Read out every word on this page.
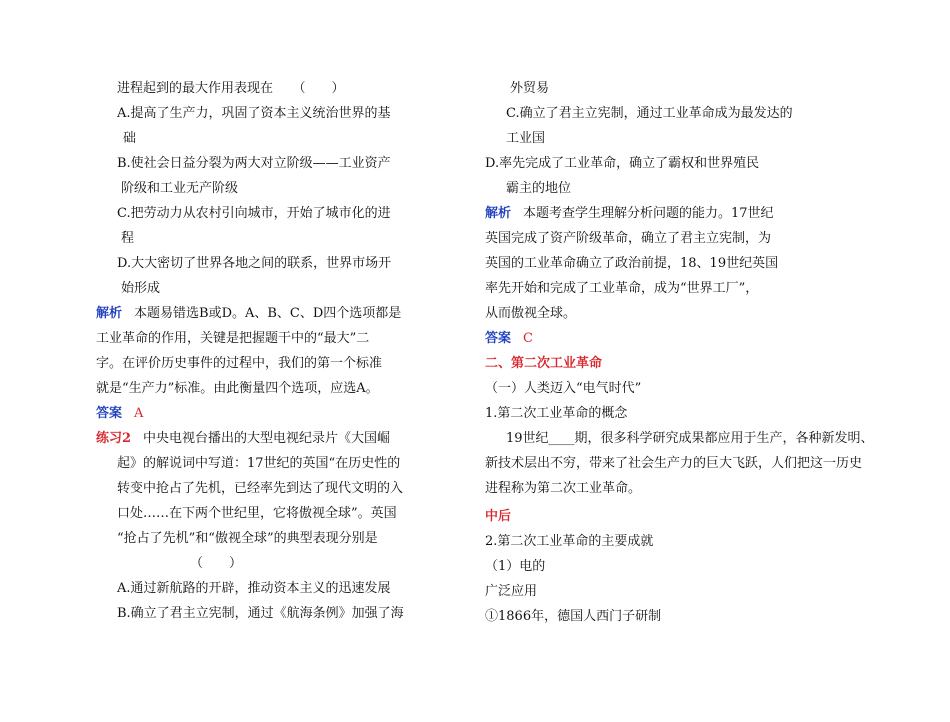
进程起到的最大作用表现在　　（　　）
A.提高了生产力，巩固了资本主义统治世界的基
础
B.使社会日益分裂为两大对立阶级——工业资产
阶级和工业无产阶级
C.把劳动力从农村引向城市，开始了城市化的进
程
D.大大密切了世界各地之间的联系，世界市场开
始形成
解析 本题易错选B或D。A、B、C、D四个选项都是
工业革命的作用，关键是把握题干中的“最大”二
字。在评价历史事件的过程中，我们的第一个标准
就是“生产力”标准。由此衡量四个选项，应选A。
答案 A
练习2 中央电视台播出的大型电视纪录片《大国崛
起》的解说词中写道：17世纪的英国“在历史性的
转变中抢占了先机，已经率先到达了现代文明的入
口处……在下两个世纪里，它将傲视全球”。英国
“抢占了先机”和“傲视全球”的典型表现分别是
（　　）
A.通过新航路的开辟，推动资本主义的迅速发展
B.确立了君主立宪制，通过《航海条例》加强了海
外贸易
C.确立了君主立宪制，通过工业革命成为最发达的
工业国
D.率先完成了工业革命，确立了霸权和世界殖民
霸主的地位
解析 本题考查学生理解分析问题的能力。17世纪
英国完成了资产阶级革命，确立了君主立宪制，为
英国的工业革命确立了政治前提，18、19世纪英国
率先开始和完成了工业革命，成为“世界工厂”，
从而傲视全球。
答案 C
二、第二次工业革命
（一）人类迈入“电气时代”
1.第二次工业革命的概念
19世纪____期，很多科学研究成果都应用于生产，各种新发明、
新技术层出不穷，带来了社会生产力的巨大飞跃，人们把这一历史
进程称为第二次工业革命。
中后
2.第二次工业革命的主要成就
（1）电的
广泛应用
①1866年，德国人西门子研制
